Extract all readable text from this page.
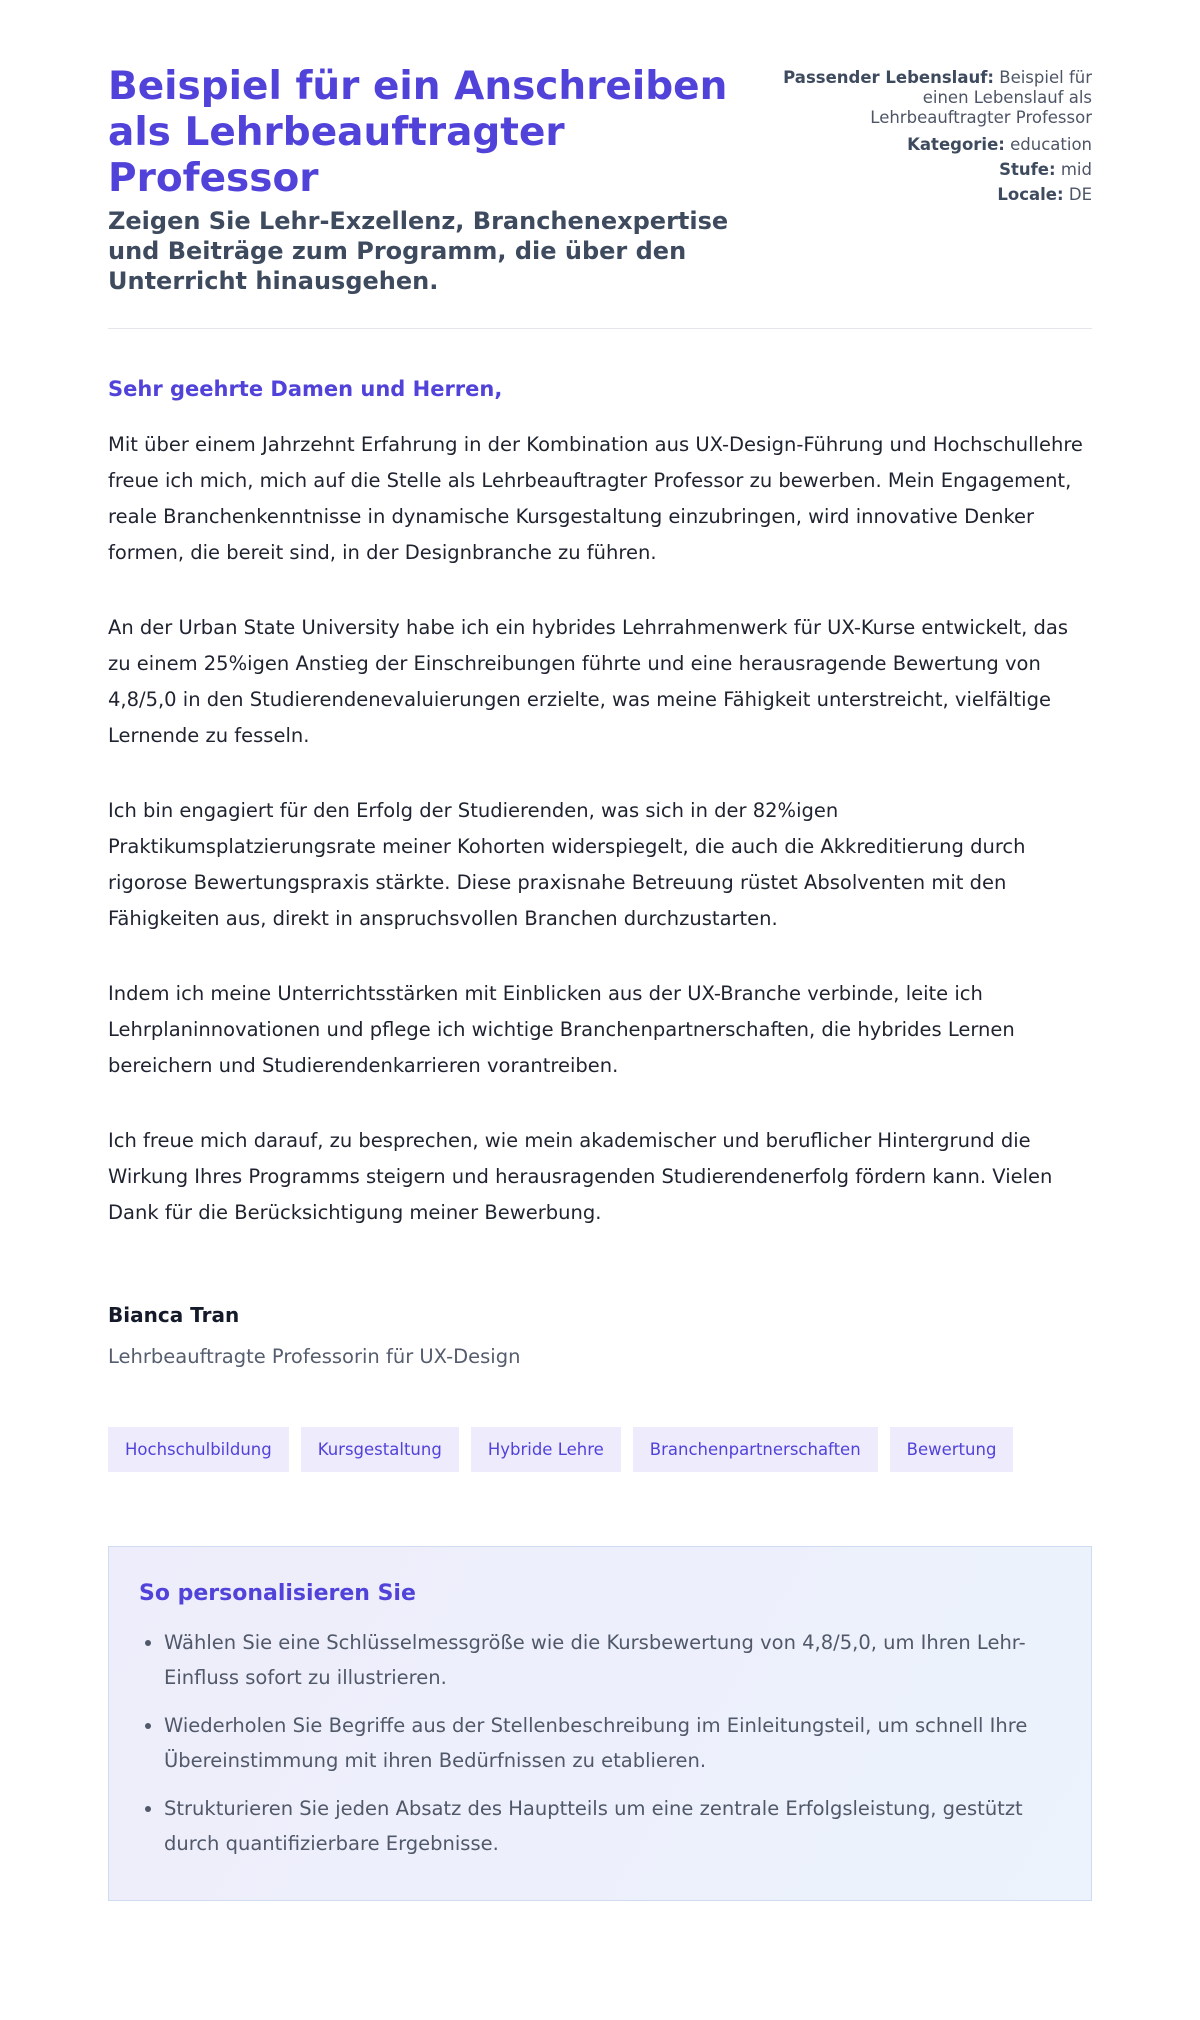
Beispiel für ein Anschreiben als Lehrbeauftragter Professor
Zeigen Sie Lehr-Exzellenz, Branchenexpertise und Beiträge zum Programm, die über den Unterricht hinausgehen.
Passender Lebenslauf: Beispiel für einen Lebenslauf als Lehrbeauftragter Professor
Kategorie: education
Stufe: mid
Locale: DE

Sehr geehrte Damen und Herren,

Mit über einem Jahrzehnt Erfahrung in der Kombination aus UX-Design-Führung und Hochschullehre freue ich mich, mich auf die Stelle als Lehrbeauftragter Professor zu bewerben. Mein Engagement, reale Branchenkenntnisse in dynamische Kursgestaltung einzubringen, wird innovative Denker formen, die bereit sind, in der Designbranche zu führen.

An der Urban State University habe ich ein hybrides Lehrrahmenwerk für UX-Kurse entwickelt, das zu einem 25%igen Anstieg der Einschreibungen führte und eine herausragende Bewertung von 4,8/5,0 in den Studierendenevaluierungen erzielte, was meine Fähigkeit unterstreicht, vielfältige Lernende zu fesseln.

Ich bin engagiert für den Erfolg der Studierenden, was sich in der 82%igen Praktikumsplatzierungsrate meiner Kohorten widerspiegelt, die auch die Akkreditierung durch rigorose Bewertungspraxis stärkte. Diese praxisnahe Betreuung rüstet Absolventen mit den Fähigkeiten aus, direkt in anspruchsvollen Branchen durchzustarten.

Indem ich meine Unterrichtsstärken mit Einblicken aus der UX-Branche verbinde, leite ich Lehrplaninnovationen und pflege ich wichtige Branchenpartnerschaften, die hybrides Lernen bereichern und Studierendenkarrieren vorantreiben.

Ich freue mich darauf, zu besprechen, wie mein akademischer und beruflicher Hintergrund die Wirkung Ihres Programms steigern und herausragenden Studierendenerfolg fördern kann. Vielen Dank für die Berücksichtigung meiner Bewerbung.

Bianca Tran

Lehrbeauftragte Professorin für UX-Design

Hochschulbildung	Kursgestaltung	Hybride Lehre	Branchenpartnerschaften	Bewertung
So personalisieren Sie
• Wählen Sie eine Schlüsselmessgröße wie die Kursbewertung von 4,8/5,0, um Ihren Lehr-Einfluss sofort zu illustrieren.
• Wiederholen Sie Begriffe aus der Stellenbeschreibung im Einleitungsteil, um schnell Ihre Übereinstimmung mit ihren Bedürfnissen zu etablieren.
• Strukturieren Sie jeden Absatz des Hauptteils um eine zentrale Erfolgsleistung, gestützt durch quantifizierbare Ergebnisse.
